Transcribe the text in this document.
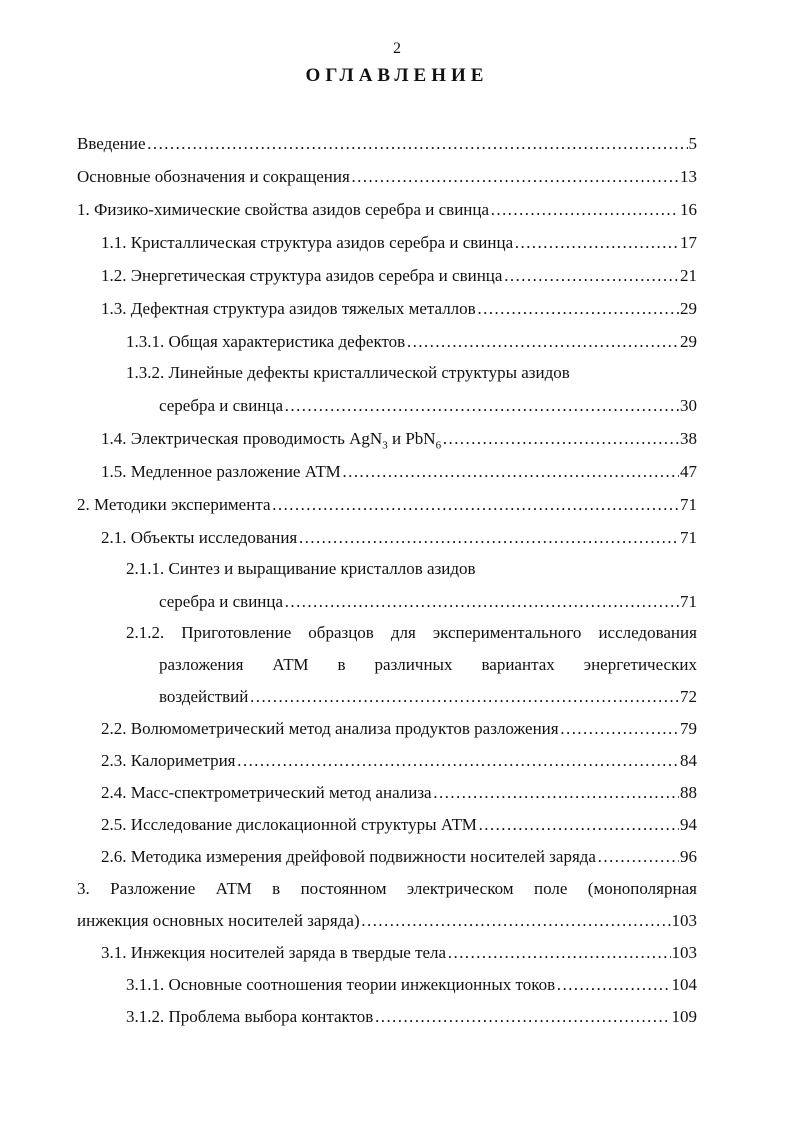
2
ОГЛАВЛЕНИЕ
Введение …………………………………………………………………………………………………………………………………………………………	5
Основные обозначения и сокращения …………………………………………………………………………………………………………………………………………………………	13
1. Физико-химические свойства азидов серебра и свинца …………………………………………………………………………………………………………………………………………………………	16
1.1. Кристаллическая структура азидов серебра и свинца …………………………………………………………………………………………………………………………………………………………	17
1.2. Энергетическая структура азидов серебра и свинца …………………………………………………………………………………………………………………………………………………………	21
1.3. Дефектная структура азидов тяжелых металлов …………………………………………………………………………………………………………………………………………………………	29
1.3.1. Общая характеристика дефектов …………………………………………………………………………………………………………………………………………………………	29
1.3.2. Линейные дефекты кристаллической структуры азидов
серебра и свинца …………………………………………………………………………………………………………………………………………………………	30
1.4. Электрическая проводимость AgN$_3$ и PbN$_6$ …………………………………………………………………………………………………………………………………………………………	38
1.5. Медленное разложение АТМ …………………………………………………………………………………………………………………………………………………………	47
2. Методики эксперимента …………………………………………………………………………………………………………………………………………………………	71
2.1. Объекты исследования …………………………………………………………………………………………………………………………………………………………	71
2.1.1. Синтез и выращивание кристаллов азидов
серебра и свинца …………………………………………………………………………………………………………………………………………………………	71
2.1.2. Приготовление образцов для экспериментального исследования
разложения АТМ в различных вариантах энергетических
воздействий …………………………………………………………………………………………………………………………………………………………	72
2.2. Волюмометрический метод анализа продуктов разложения …………………………………………………………………………………………………………………………………………………………	79
2.3. Калориметрия …………………………………………………………………………………………………………………………………………………………	84
2.4. Масс-спектрометрический метод анализа …………………………………………………………………………………………………………………………………………………………	88
2.5. Исследование дислокационной структуры АТМ …………………………………………………………………………………………………………………………………………………………	94
2.6. Методика измерения дрейфовой подвижности носителей заряда …………………………………………………………………………………………………………………………………………………………	96
3. Разложение АТМ в постоянном электрическом поле (монополярная
инжекция основных носителей заряда) …………………………………………………………………………………………………………………………………………………………	103
3.1. Инжекция носителей заряда в твердые тела …………………………………………………………………………………………………………………………………………………………	103
3.1.1. Основные соотношения теории инжекционных токов …………………………………………………………………………………………………………………………………………………………	104
3.1.2. Проблема выбора контактов …………………………………………………………………………………………………………………………………………………………	109
